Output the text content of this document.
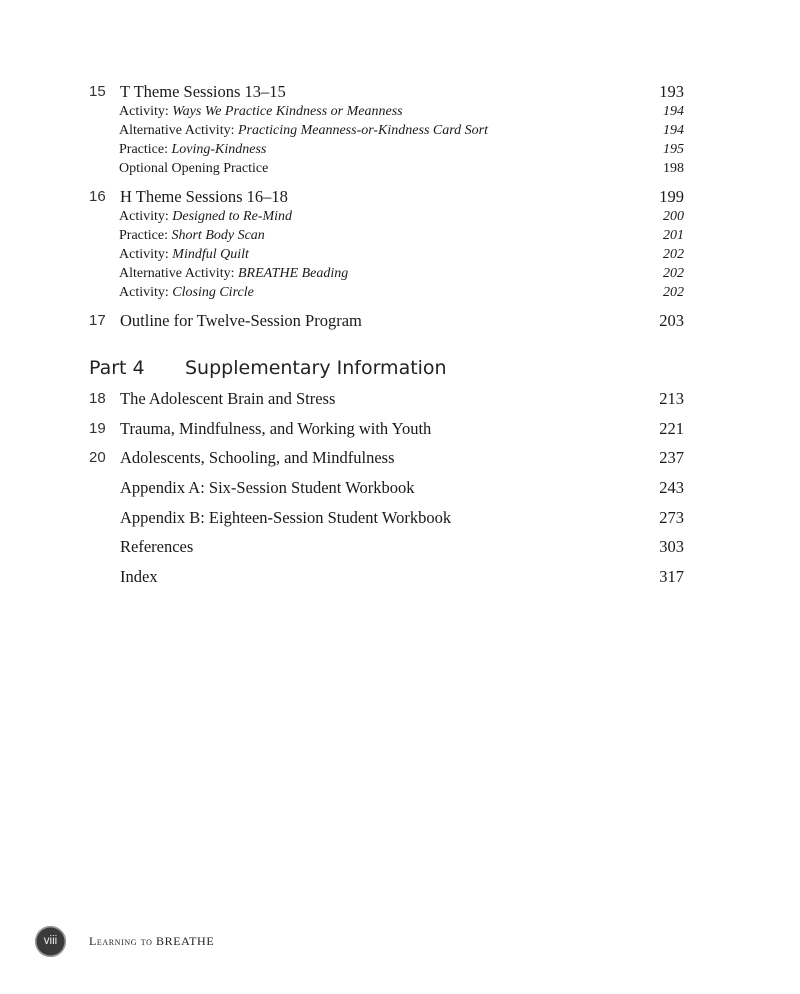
15 T Theme Sessions 13–15	193
Activity: Ways We Practice Kindness or Meanness	194
Alternative Activity: Practicing Meanness-or-Kindness Card Sort	194
Practice: Loving-Kindness	195
Optional Opening Practice	198
16 H Theme Sessions 16–18	199
Activity: Designed to Re-Mind	200
Practice: Short Body Scan	201
Activity: Mindful Quilt	202
Alternative Activity: BREATHE Beading	202
Activity: Closing Circle	202
17 Outline for Twelve-Session Program	203
Part 4 Supplementary Information
18 The Adolescent Brain and Stress	213
19 Trauma, Mindfulness, and Working with Youth	221
20 Adolescents, Schooling, and Mindfulness	237
Appendix A: Six-Session Student Workbook	243
Appendix B: Eighteen-Session Student Workbook	273
References	303
Index	317
viii	Learning to BREATHE
